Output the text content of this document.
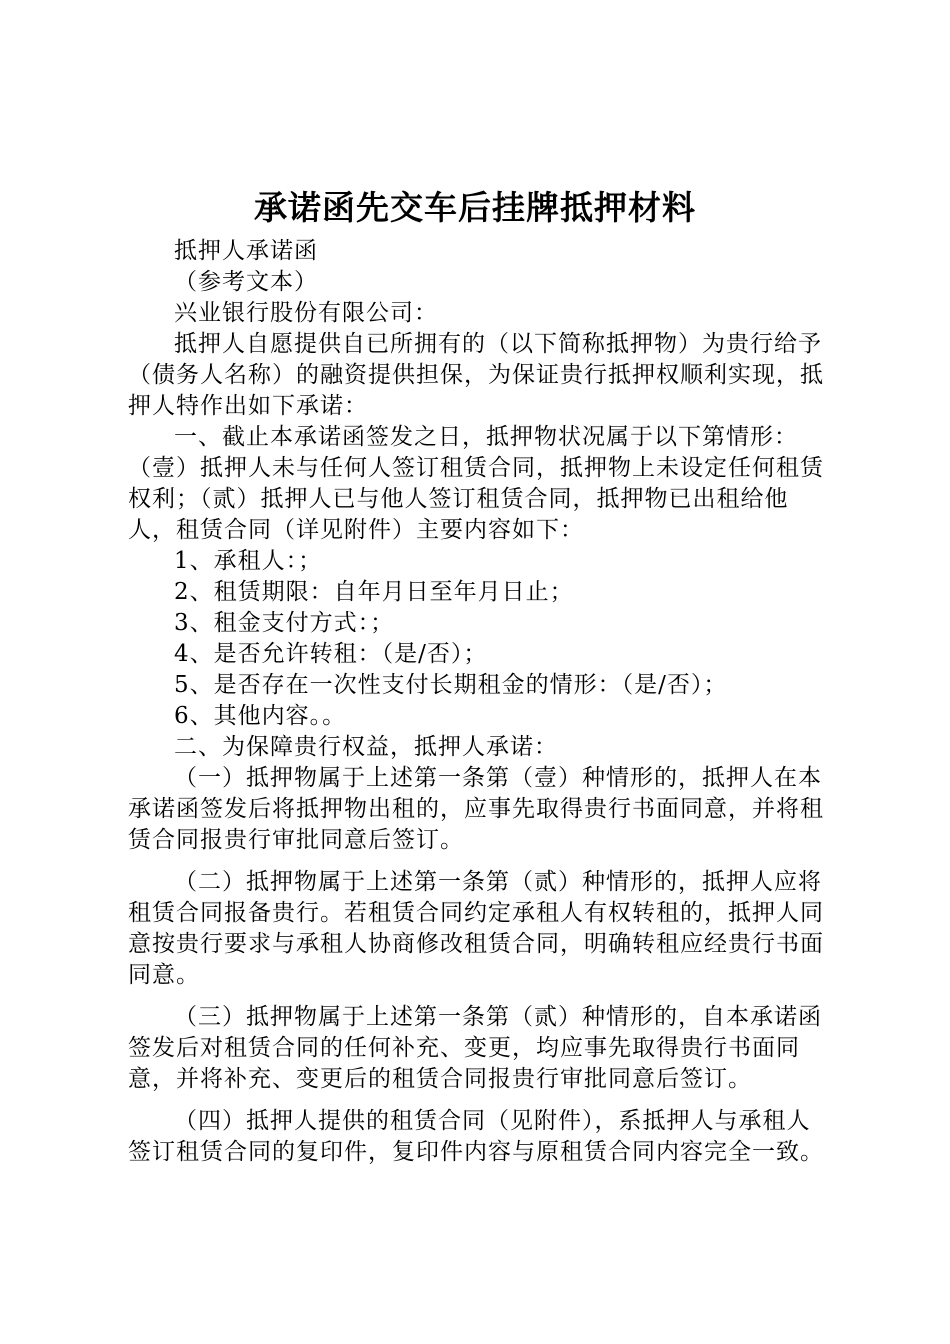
承诺函先交车后挂牌抵押材料

抵押人承诺函

（参考文本）

兴业银行股份有限公司：

抵押人自愿提供自已所拥有的（以下简称抵押物）为贵行给予（债务人名称）的融资提供担保，为保证贵行抵押权顺利实现，抵押人特作出如下承诺：

一、截止本承诺函签发之日，抵押物状况属于以下第情形：（壹）抵押人未与任何人签订租赁合同，抵押物上未设定任何租赁权利；（贰）抵押人已与他人签订租赁合同，抵押物已出租给他人，租赁合同（详见附件）主要内容如下：

1、承租人：；

2、租赁期限：自年月日至年月日止；

3、租金支付方式：；

4、是否允许转租：（是/否）；

5、是否存在一次性支付长期租金的情形：（是/否）；

6、其他内容。。

二、为保障贵行权益，抵押人承诺：

（一）抵押物属于上述第一条第（壹）种情形的，抵押人在本承诺函签发后将抵押物出租的，应事先取得贵行书面同意，并将租赁合同报贵行审批同意后签订。

（二）抵押物属于上述第一条第（贰）种情形的，抵押人应将租赁合同报备贵行。若租赁合同约定承租人有权转租的，抵押人同意按贵行要求与承租人协商修改租赁合同，明确转租应经贵行书面同意。

（三）抵押物属于上述第一条第（贰）种情形的，自本承诺函签发后对租赁合同的任何补充、变更，均应事先取得贵行书面同意，并将补充、变更后的租赁合同报贵行审批同意后签订。

（四）抵押人提供的租赁合同（见附件），系抵押人与承租人签订租赁合同的复印件，复印件内容与原租赁合同内容完全一致。
